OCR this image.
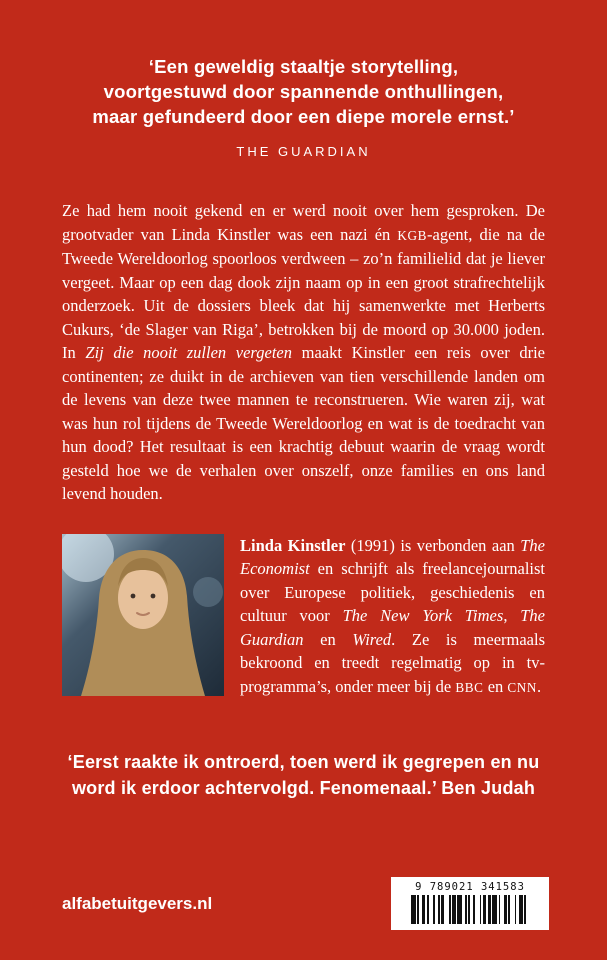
‘Een geweldig staaltje storytelling,

voortgestuwd door spannende onthullingen,

maar gefundeerd door een diepe morele ernst.’

THE GUARDIAN

Ze had hem nooit gekend en er werd nooit over hem gesproken. De grootvader van Linda Kinstler was een nazi én KGB-agent, die na de Tweede Wereldoorlog spoorloos verdween – zo’n familielid dat je liever vergeet. Maar op een dag dook zijn naam op in een groot strafrechtelijk onderzoek. Uit de dossiers bleek dat hij samenwerkte met Herberts Cukurs, ‘de Slager van Riga’, betrokken bij de moord op 30.000 joden. In Zij die nooit zullen vergeten maakt Kinstler een reis over drie continenten; ze duikt in de archieven van tien verschillende landen om de levens van deze twee mannen te reconstrueren. Wie waren zij, wat was hun rol tijdens de Tweede Wereldoorlog en wat is de toedracht van hun dood? Het resultaat is een krachtig debuut waarin de vraag wordt gesteld hoe we de verhalen over onszelf, onze families en ons land levend houden.

Linda Kinstler (1991) is verbonden aan The Economist en schrijft als freelancejournalist over Europese politiek, geschiedenis en cultuur voor The New York Times, The Guardian en Wired. Ze is meermaals bekroond en treedt regelmatig op in tv-programma’s, onder meer bij de BBC en CNN.

‘Eerst raakte ik ontroerd, toen werd ik gegrepen en nu

word ik erdoor achtervolgd. Fenomenaal.’ Ben Judah

alfabetuitgevers.nl
9 789021 341583
